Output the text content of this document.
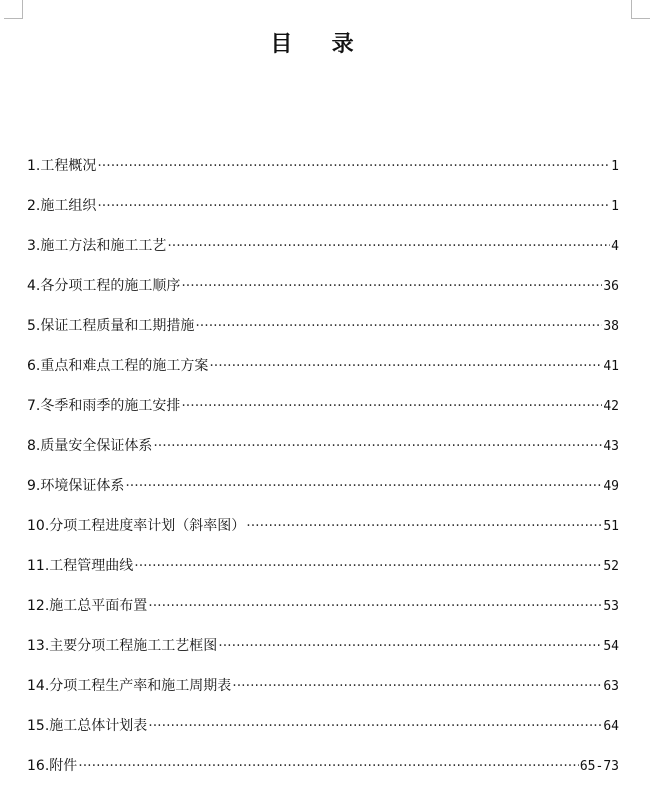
目  录
1.工程概况 ·····	1
2.施工组织 ·····	1
3.施工方法和施工工艺 ·····	4
4.各分项工程的施工顺序 ·····	36
5.保证工程质量和工期措施 ·····	38
6.重点和难点工程的施工方案 ·····	41
7.冬季和雨季的施工安排 ·····	42
8.质量安全保证体系 ·····	43
9.环境保证体系 ·····	49
10.分项工程进度率计划（斜率图） ·····	51
11.工程管理曲线 ·····	52
12.施工总平面布置 ·····	53
13.主要分项工程施工工艺框图 ·····	54
14.分项工程生产率和施工周期表 ·····	63
15.施工总体计划表 ·····	64
16.附件 ·····	65-73
